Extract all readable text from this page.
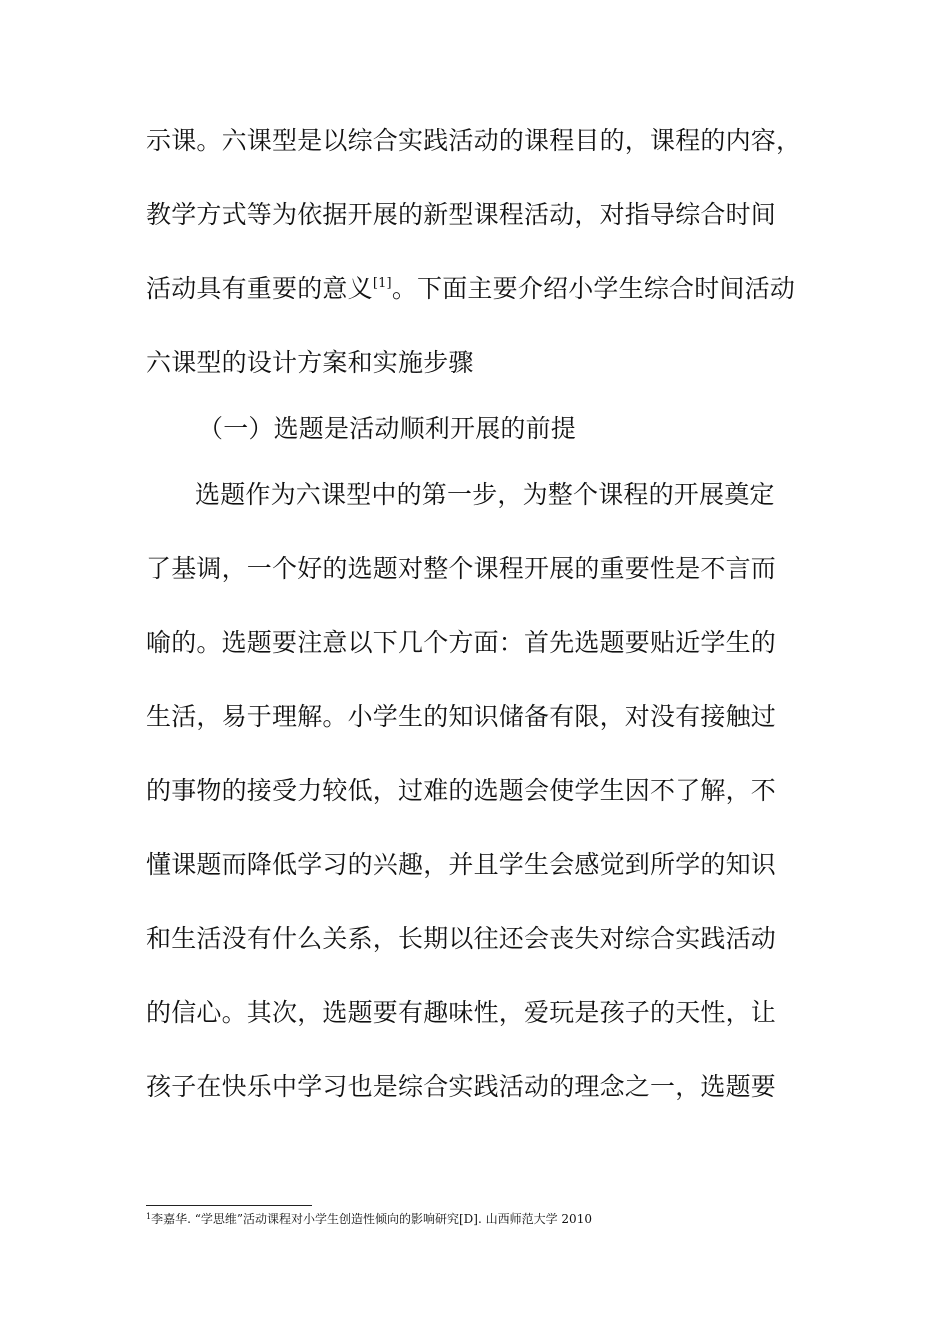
示课。六课型是以综合实践活动的课程目的，课程的内容，
教学方式等为依据开展的新型课程活动，对指导综合时间
活动具有重要的意义[1]。下面主要介绍小学生综合时间活动
六课型的设计方案和实施步骤
（一）选题是活动顺利开展的前提
选题作为六课型中的第一步，为整个课程的开展奠定
了基调，一个好的选题对整个课程开展的重要性是不言而
喻的。选题要注意以下几个方面：首先选题要贴近学生的
生活，易于理解。小学生的知识储备有限，对没有接触过
的事物的接受力较低，过难的选题会使学生因不了解，不
懂课题而降低学习的兴趣，并且学生会感觉到所学的知识
和生活没有什么关系，长期以往还会丧失对综合实践活动
的信心。其次，选题要有趣味性，爱玩是孩子的天性，让
孩子在快乐中学习也是综合实践活动的理念之一，选题要
$^1$李嘉华. “学思维”活动课程对小学生创造性倾向的影响研究[D]. 山西师范大学 2010
